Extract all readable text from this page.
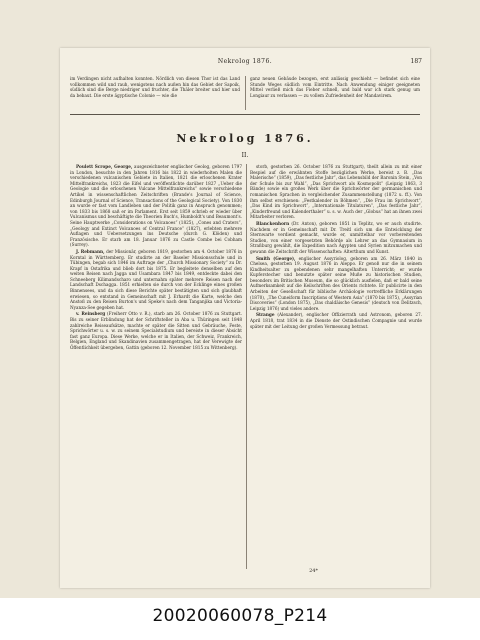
Nekrolog 1876.	187
im Verdingen nicht aufhalten konnten. Nördlich von diesen Thor ist das Land vollkommen wild und rauh, wenigstens nach außen hin das Gebiet der Sapoik, südlich sind die Berge niedriger und fruchter, die Thäler breiter und hier und da bebaut. Die erste ägyptische Colonie — wie die
ganz neuen Gebäude bezogen, erst anlässig geschieht — befindet sich eine Stunde Weges südlich vom Eintritte. Nach Anwendung einiger geeigneten Mittel verließ mich das Fieber schnell, und bald war ich stark genug um Longiaur zu verlassen — zu vollem Zufriedenheit der Mandavirem.
Nekrolog 1876.
II.

Poulett Scrope, George, ausgezeichneter englischer Geolog, geboren 1797 in London, besuchte in den Jahren 1816 bis 1822 in wiederholten Malen die verschiedenen vulcanischen Gebiete in Italien, 1821 die erloschenen Krater Mittelfrankreichs, 1823 die Eifel und veröffentlichte darüber 1827 „Ueber die Geologie und die erloschenen Vulcane Mittelfrankreichs“ sowie verschiedene Artikel in wissenschaftlichen Zeitschriften (Brande's Journal of Science, Edinburgh Journal of Science, Transactions of the Geological Society). Von 1830 an wurde er fast vom Landleben und der Politik ganz in Anspruch genommen; von 1833 bis 1868 saß er im Parlament. Erst seit 1859 schrieb er wieder über Vulcanismus und beschäftigte die Theorien Buch's, Humboldt's und Beaumont's. Seine Hauptwerke „Considerations on Volcanoes“ (1825), „Cones and Craters“, „Geology and Extinct Volcanoes of Central France“ (1827), erlebten mehrere Auflagen und Uebersetzungen ins Deutsche (durch G. Klöden) und Französische. Er starb am 18. Januar 1876 zu Castle Combe bei Cobham (Surrey).

J. Rebmann, der Missionär, geboren 1819, gestorben am 4. October 1876 in Korntal in Württemberg. Er studirte an der Baseler Missionsschule und in Tübingen, begab sich 1846 im Auftrage der „Church Missionary Society“ zu Dr. Krapf in Ostafrika und blieb dort bis 1875. Er begleitete denselben auf den weiten Reisen nach Jagga und Usambara 1847 bis 1849, entdeckte dabei den Schneeberg Kilimandscharo und unternahm später mehrere Reisen nach der Landschaft Dschagga. 1851 erhielten sie durch von der Ecklinge eines großen Binnensees, und da sich diese Berichte später bestätigten und sich glaubhaft erwiesen, so entstand in Gemeinschaft mit J. Erhardt die Karte, welche den Anstoß zu den Reisen Burton's und Speke's nach dem Tanganjika und Victoria-Nyanza-See gegeben hat.

v. Reinsberg (Freiherr Otto v. R.), starb am 26. October 1876 zu Stuttgart. Bis zu seiner Erblindung hat der Schriftsteller in Aba u. Thüringen seit 1848 zahlreiche Reiseaufsätze, machte er später die Sitten und Gebräuche, Feste, Sprichwörter u. s. w. zu seinem Specialstudium und bereiste in dieser Absicht fast ganz Europa. Diese Werke, welche er in Italien, der Schweiz, Frankreich, Belgien, England und Skandinavien zusammengetragen, hat der Verewigte der Öffentlichkeit übergeben, Gattin (geboren 12. November 1815 zu Wittenberg).

storb, gestorben 26. October 1876 zu Stuttgart), theilt allein zu mit einer Bespiel auf die erwähnten Stoffe bezüglichen Werke, bereist z. B. „Das Malerische“ (1859), „Das festliche Jahr“, das Lebensbild der Baronin Stein, „Von der Schule bis zur Wahl“, „Das Sprichwort als Kosmopolit“ (Leipzig 1863, 3 Bände) sowie ein großes Werk über die Sprichwörter der germanischen und romanischen Sprachen in vergleichender Zusammenstellung (1872 u. ff.). Von ihm selbst erschienen: „Festkalender in Böhmen“, „Die Frau im Sprichwort“, „Das Kind im Sprichwort“, „Internationale Titulaturen“, „Das festliche Jahr“, „Kinderfreund und Kalenderthaler“ u. s. w. Auch der „Globus“ hat an ihnen zwei Mitarbeiter verloren.

Blanckenhorn (Dr. Anton), geboren 1851 in Teplitz, wo er auch studirte. Nachdem er in Gemeinschaft mit Dr. Treitl sich um die Entwicklung der Sternwarte verdient gemacht, wurde er, unmittelbar vor vorbereitenden Studien, von einer vorgesetzten Behörde als Lehrer an das Gymnasium in Straßburg gewählt, die Expedition nach Ägypten und Syrien mitzumachen und gewann die Zeitschrift der Wissenschaften: Alterthum und Kunst.

Smith (George), englischer Assyriolog, geboren am 26. März 1840 in Chelsea, gestorben 19. August 1876 in Aleppo. Er genoß nur die in seinem Kindheitsalter zu gebendenen sehr mangelhaften Unterricht; er wurde Kupferstecher und benutzte später seine Muße zu historischen Studien, besonders im Britischen Museum, die so glücklich ausfielen, daß er bald seine Aufmerksamkeit auf die Keilschriften des Orients richtete. Er publicirte in den Arbeiten der Gesellschaft für biblische Archäologie vortreffliche Erklärungen (1870), „The Cuneiform Inscriptions of Western Asia“ (1870 bis 1875), „Assyrian Discoveries“ (London 1875), „Das chaldäische Genesis“ (deutsch von Delitzsch, Leipzig 1876) und vieles andere.

Strange (Alexander), englischer Offizierrath und Astronom, geboren 27. April 1818, trat 1834 in die Dienste der Ostindischen Compagnie und wurde später mit der Leitung der großen Vermessung betraut.

24*
20020060078_P214
